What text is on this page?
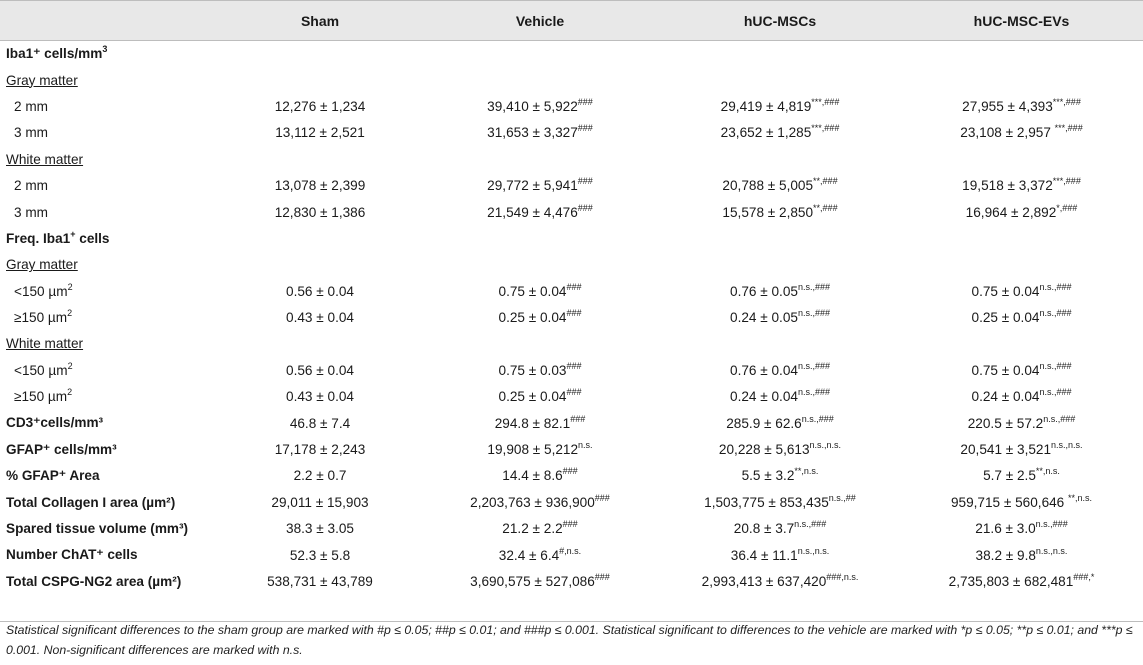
	Sham	Vehicle	hUC-MSCs	hUC-MSC-EVs
Iba1⁺ cells/$mm^3$
Gray matter				
2 mm	12,276 ± 1,234	39,410 ± 5,922###	29,419 ± 4,819***,###	27,955 ± 4,393***,###
3 mm	13,112 ± 2,521	31,653 ± 3,327###	23,652 ± 1,285***,###	23,108 ± 2,957 ***,###
White matter				
2 mm	13,078 ± 2,399	29,772 ± 5,941###	20,788 ± 5,005**,###	19,518 ± 3,372***,###
3 mm	12,830 ± 1,386	21,549 ± 4,476###	15,578 ± 2,850**,###	16,964 ± 2,892*,###
Freq. Iba1+ cells				
Gray matter				
<150 µm$^2$	0.56 ± 0.04	0.75 ± 0.04###	$0.76 \pm 0.05^{n.s.,\#\#\#}$	$0.75 \pm 0.04^{n.s.,\#\#\#}$
≥150 µm$^2$	0.43 ± 0.04	0.25 ± 0.04###	$0.24 \pm 0.05^{n.s.,\#\#\#}$	$0.25 \pm 0.04^{n.s.,\#\#\#}$
White matter				
<150 µm$^2$	0.56 ± 0.04	0.75 ± 0.03###	$0.76 \pm 0.04^{n.s.,\#\#\#}$	$0.75 \pm 0.04^{n.s.,\#\#\#}$
≥150 µm$^2$	0.43 ± 0.04	0.25 ± 0.04###	$0.24 \pm 0.04^{n.s.,\#\#\#}$	$0.24 \pm 0.04^{n.s.,\#\#\#}$
CD3⁺cells/mm³	46.8 ± 7.4	294.8 ± 82.1###	$285.9 \pm 62.6^{n.s.,\#\#\#}$	$220.5 \pm 57.2^{n.s.,\#\#\#}$
GFAP⁺ cells/mm³	17,178 ± 2,243	$19,908 \pm 5,212^{n.s.}$	$20,228 \pm 5,613^{n.s.,n.s.}$	$20,541 \pm 3,521^{n.s.,n.s.}$
% GFAP⁺ Area	2.2 ± 0.7	14.4 ± 8.6###	$5.5 \pm 3.2^{**,n.s.}$	$5.7 \pm 2.5^{**,n.s.}$
Total Collagen I area (µm²)	29,011 ± 15,903	2,203,763 ± 936,900###	$1,503,775 \pm 853,435^{n.s.,\#\#}$	959,715 ± 560,646 $^{**,n.s.}$
Spared tissue volume (mm³)	38.3 ± 3.05	21.2 ± 2.2###	$20.8 \pm 3.7^{n.s.,\#\#\#}$	$21.6 \pm 3.0^{n.s.,\#\#\#}$
Number ChAT⁺ cells	52.3 ± 5.8	$32.4 \pm 6.4^{\#,n.s.}$	$36.4 \pm 11.1^{n.s.,n.s.}$	$38.2 \pm 9.8^{n.s.,n.s.}$
Total CSPG-NG2 area (µm²)	538,731 ± 43,789	3,690,575 ± 527,086###	$2,993,413 \pm 637,420^{\#\#\#,n.s.}$	2,735,803 ± 682,481###,*

Statistical significant differences to the sham group are marked with #p ≤ 0.05; ##p ≤ 0.01; and ###p ≤ 0.001. Statistical significant to differences to the vehicle are marked with *p ≤ 0.05; **p ≤ 0.01; and ***p ≤ 0.001. Non-significant differences are marked with n.s.
